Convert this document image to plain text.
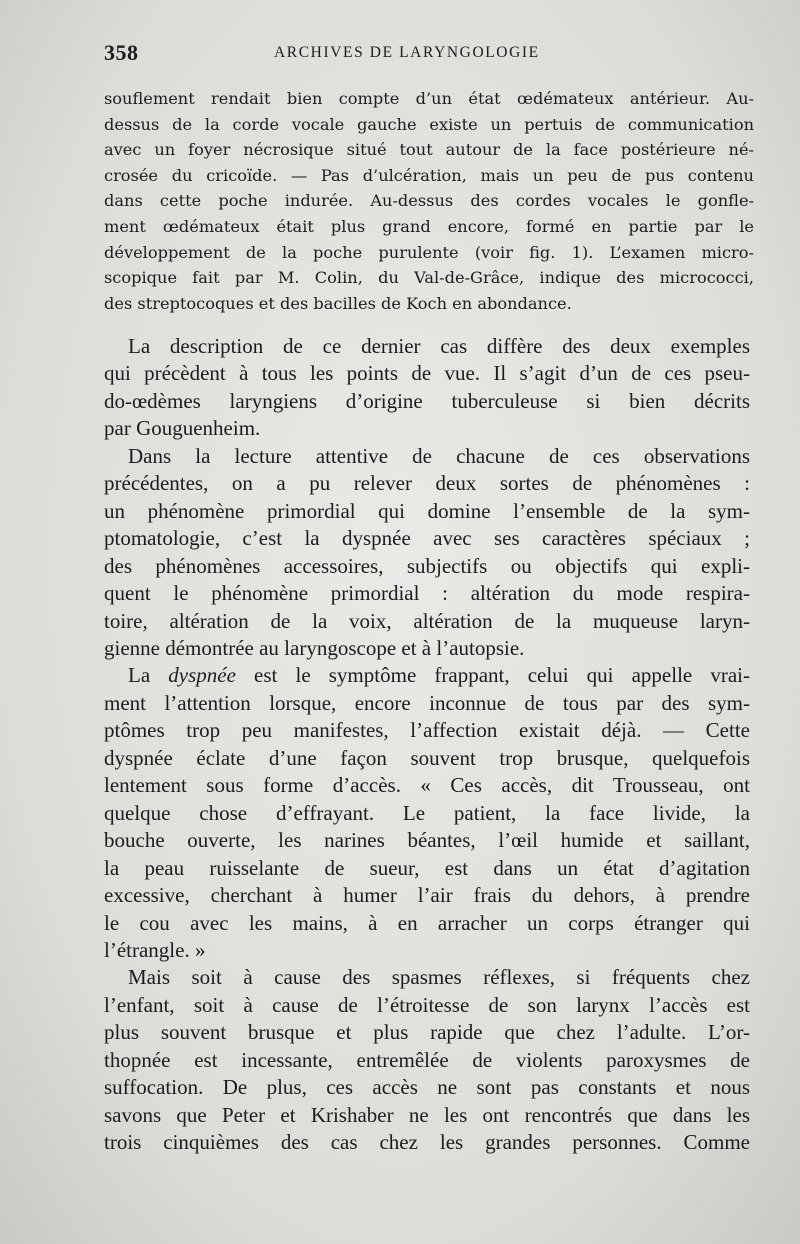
358	ARCHIVES DE LARYNGOLOGIE
souflement rendait bien compte d’un état œdémateux antérieur. Au-
dessus de la corde vocale gauche existe un pertuis de communication
avec un foyer nécrosique situé tout autour de la face postérieure né-
crosée du cricoïde. — Pas d’ulcération, mais un peu de pus contenu
dans cette poche indurée. Au-dessus des cordes vocales le gonfle-
ment œdémateux était plus grand encore, formé en partie par le
développement de la poche purulente (voir fig. 1). L’examen micro-
scopique fait par M. Colin, du Val-de-Grâce, indique des micrococci,
des streptocoques et des bacilles de Koch en abondance.
La description de ce dernier cas diffère des deux exemples
qui précèdent à tous les points de vue. Il s’agit d’un de ces pseu-
do-œdèmes laryngiens d’origine tuberculeuse si bien décrits
par Gouguenheim.
Dans la lecture attentive de chacune de ces observations
précédentes, on a pu relever deux sortes de phénomènes :
un phénomène primordial qui domine l’ensemble de la sym-
ptomatologie, c’est la dyspnée avec ses caractères spéciaux ;
des phénomènes accessoires, subjectifs ou objectifs qui expli-
quent le phénomène primordial : altération du mode respira-
toire, altération de la voix, altération de la muqueuse laryn-
gienne démontrée au laryngoscope et à l’autopsie.
La dyspnée est le symptôme frappant, celui qui appelle vrai-
ment l’attention lorsque, encore inconnue de tous par des sym-
ptômes trop peu manifestes, l’affection existait déjà. — Cette
dyspnée éclate d’une façon souvent trop brusque, quelquefois
lentement sous forme d’accès. « Ces accès, dit Trousseau, ont
quelque chose d’effrayant. Le patient, la face livide, la
bouche ouverte, les narines béantes, l’œil humide et saillant,
la peau ruisselante de sueur, est dans un état d’agitation
excessive, cherchant à humer l’air frais du dehors, à prendre
le cou avec les mains, à en arracher un corps étranger qui
l’étrangle. »
Mais soit à cause des spasmes réflexes, si fréquents chez
l’enfant, soit à cause de l’étroitesse de son larynx l’accès est
plus souvent brusque et plus rapide que chez l’adulte. L’or-
thopnée est incessante, entremêlée de violents paroxysmes de
suffocation. De plus, ces accès ne sont pas constants et nous
savons que Peter et Krishaber ne les ont rencontrés que dans les
trois cinquièmes des cas chez les grandes personnes. Comme
